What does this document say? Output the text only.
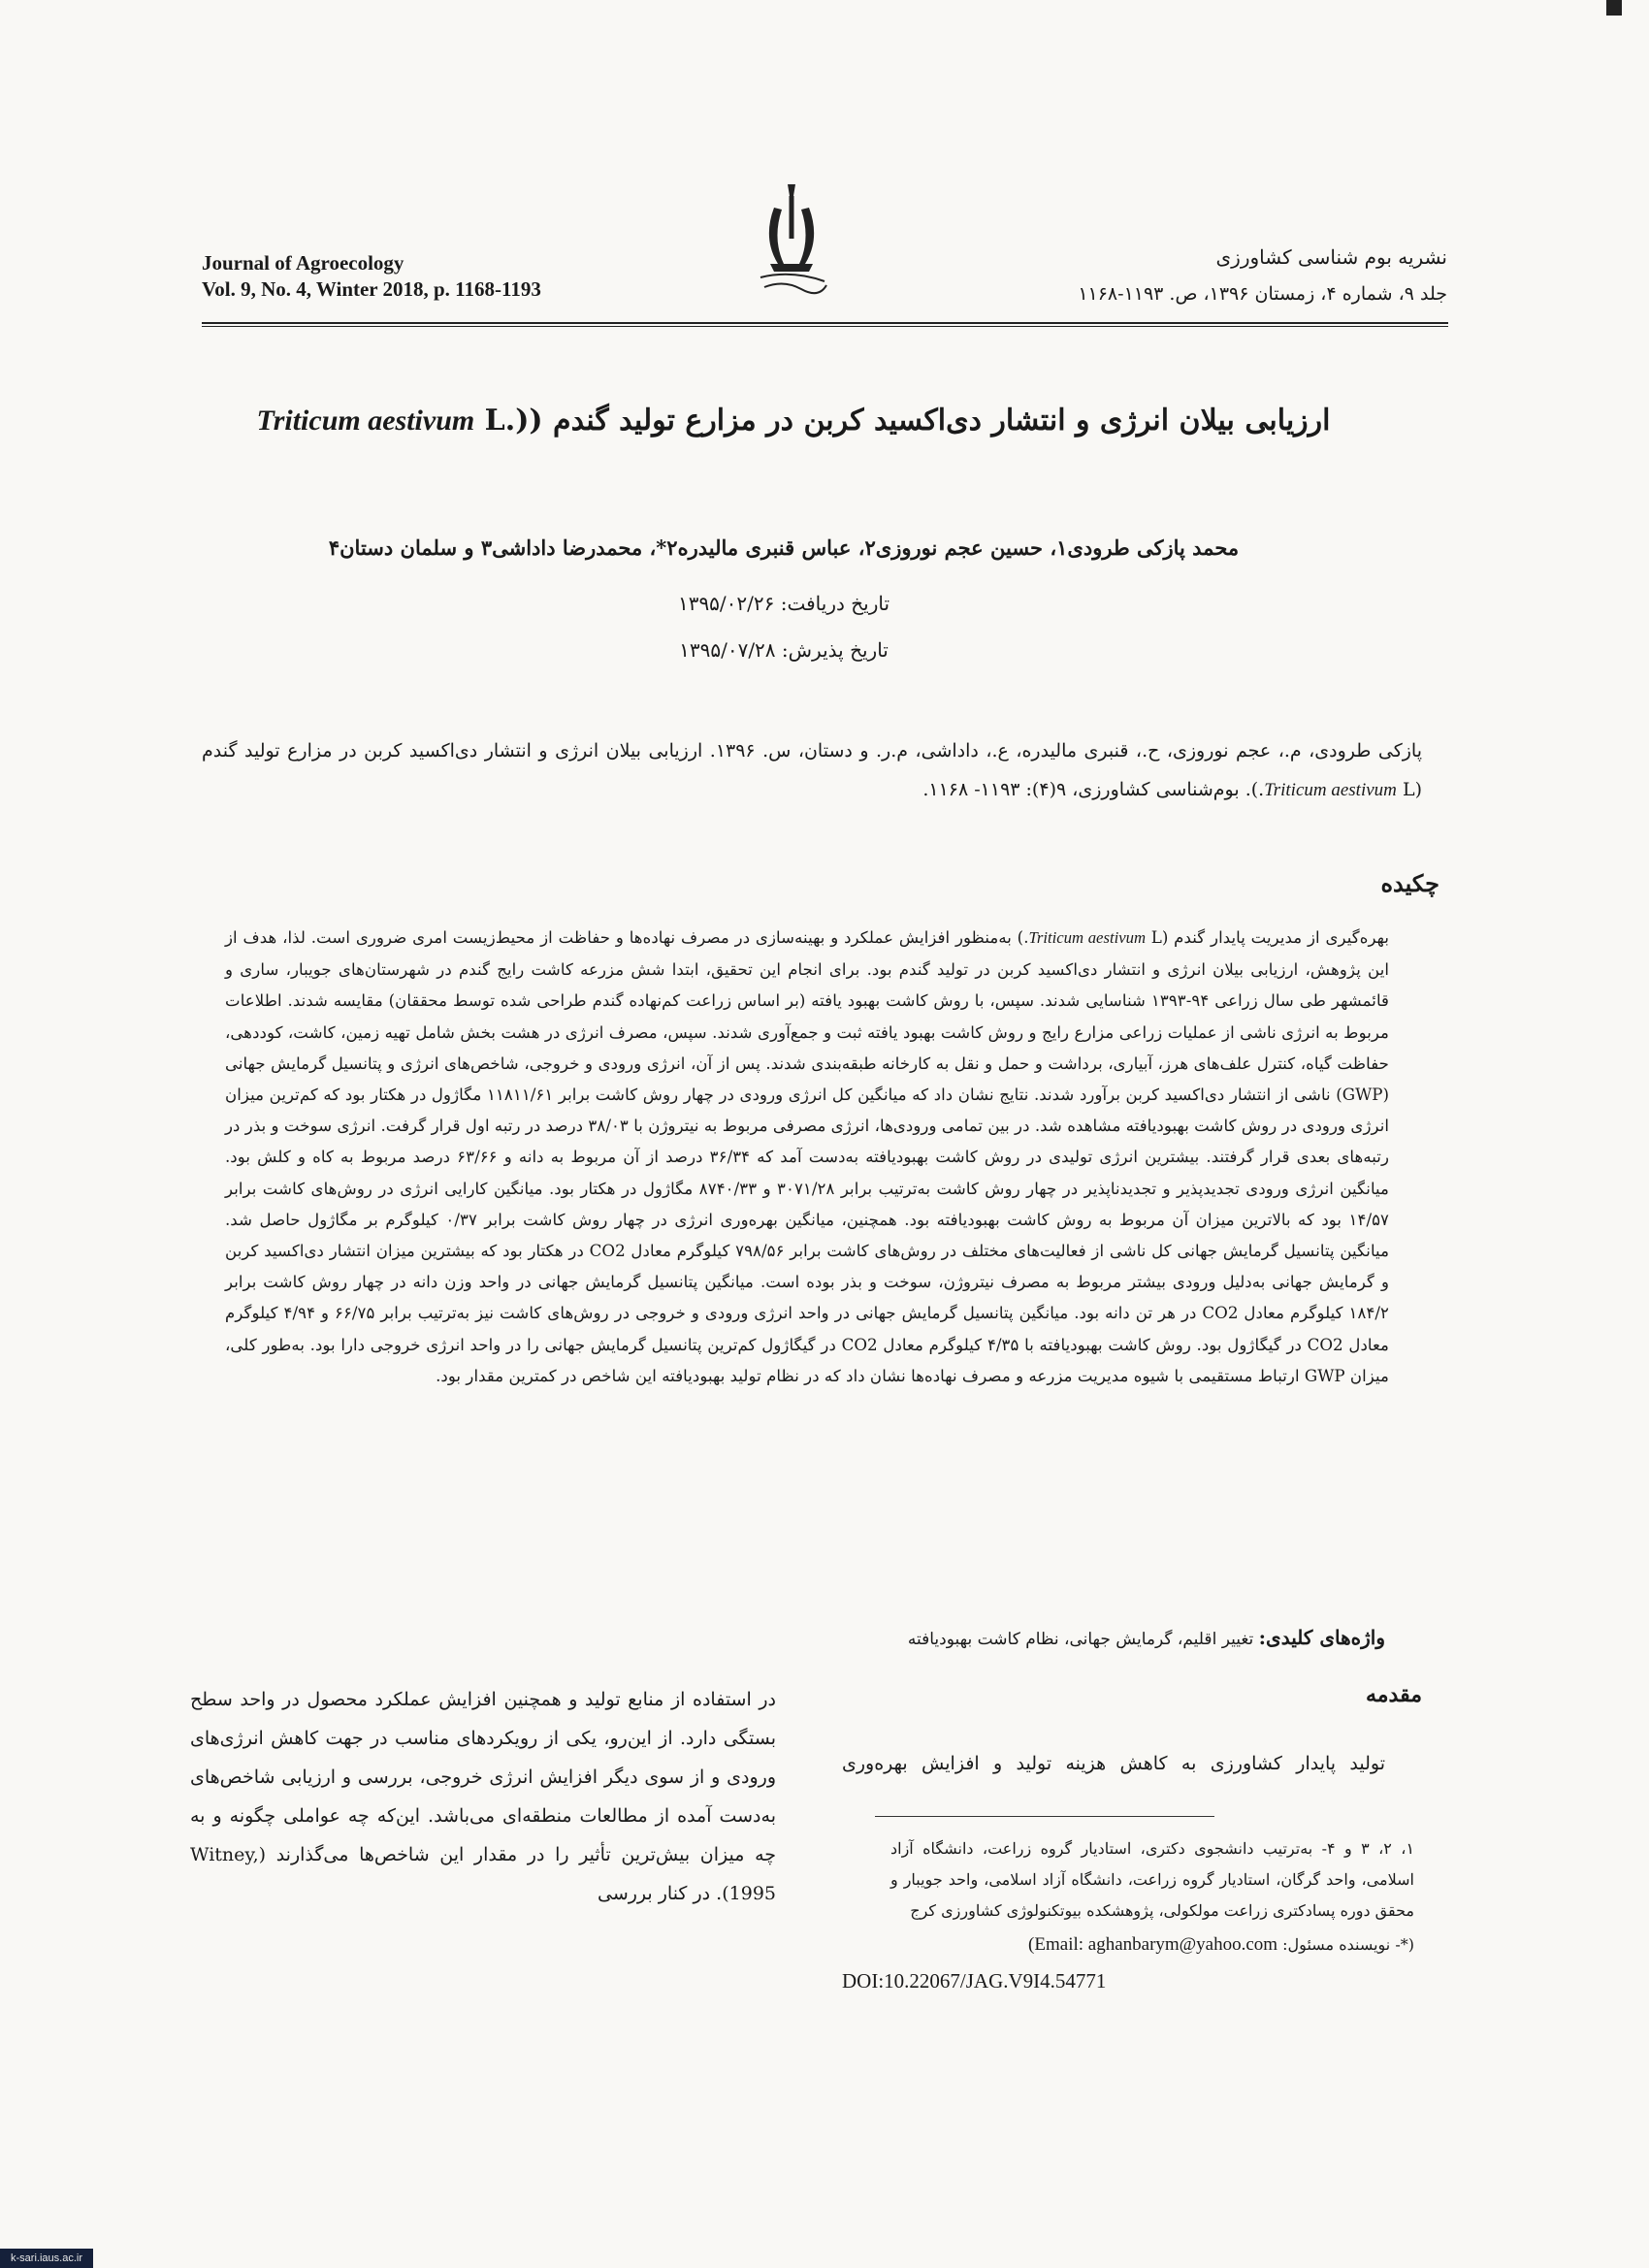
Journal of Agroecology
Vol. 9, No. 4, Winter 2018, p. 1168-1193
نشریه بوم شناسی کشاورزی
جلد ۹، شماره ۴، زمستان ۱۳۹۶، ص. ۱۱۹۳-۱۱۶۸
ارزیابی بیلان انرژی و انتشار دی‌اکسید کربن در مزارع تولید گندم (Triticum aestivum L.)
محمد پازکی طرودی۱، حسین عجم نوروزی۲، عباس قنبری مالیدره۲*، محمدرضا داداشی۳ و سلمان دستان۴
تاریخ دریافت: ۱۳۹۵/۰۲/۲۶
تاریخ پذیرش: ۱۳۹۵/۰۷/۲۸
پازکی طرودی، م.، عجم نوروزی، ح.، قنبری مالیدره، ع.، داداشی، م.ر. و دستان، س. ۱۳۹۶. ارزیابی بیلان انرژی و انتشار دی‌اکسید کربن در مزارع تولید گندم (Triticum aestivum L.). بوم‌شناسی کشاورزی، ۹(۴): ۱۱۹۳- ۱۱۶۸.
چکیده
بهره‌گیری از مدیریت پایدار گندم (Triticum aestivum L.) به‌منظور افزایش عملکرد و بهینه‌سازی در مصرف نهاده‌ها و حفاظت از محیط‌زیست امری ضروری است. لذا، هدف از این پژوهش، ارزیابی بیلان انرژی و انتشار دی‌اکسید کربن در تولید گندم بود. برای انجام این تحقیق، ابتدا شش مزرعه کاشت رایج گندم در شهرستان‌های جویبار، ساری و قائمشهر طی سال زراعی ۹۴-۱۳۹۳ شناسایی شدند. سپس، با روش کاشت بهبود یافته (بر اساس زراعت کم‌نهاده گندم طراحی شده توسط محققان) مقایسه شدند. اطلاعات مربوط به انرژی ناشی از عملیات زراعی مزارع رایج و روش کاشت بهبود یافته ثبت و جمع‌آوری شدند. سپس، مصرف انرژی در هشت بخش شامل تهیه زمین، کاشت، کوددهی، حفاظت گیاه، کنترل علف‌های هرز، آبیاری، برداشت و حمل و نقل به کارخانه طبقه‌بندی شدند. پس از آن، انرژی ورودی و خروجی، شاخص‌های انرژی و پتانسیل گرمایش جهانی (GWP) ناشی از انتشار دی‌اکسید کربن برآورد شدند. نتایج نشان داد که میانگین کل انرژی ورودی در چهار روش کاشت برابر ۱۱۸۱۱/۶۱ مگاژول در هکتار بود که کم‌ترین میزان انرژی ورودی در روش کاشت بهبودیافته مشاهده شد. در بین تمامی ورودی‌ها، انرژی مصرفی مربوط به نیتروژن با ۳۸/۰۳ درصد در رتبه اول قرار گرفت. انرژی سوخت و بذر در رتبه‌های بعدی قرار گرفتند. بیشترین انرژی تولیدی در روش کاشت بهبودیافته به‌دست آمد که ۳۶/۳۴ درصد از آن مربوط به دانه و ۶۳/۶۶ درصد مربوط به کاه و کلش بود. میانگین انرژی ورودی تجدیدپذیر و تجدیدناپذیر در چهار روش کاشت به‌ترتیب برابر ۳۰۷۱/۲۸ و ۸۷۴۰/۳۳ مگاژول در هکتار بود. میانگین کارایی انرژی در روش‌های کاشت برابر ۱۴/۵۷ بود که بالاترین میزان آن مربوط به روش کاشت بهبودیافته بود. همچنین، میانگین بهره‌وری انرژی در چهار روش کاشت برابر ۰/۳۷ کیلوگرم بر مگاژول حاصل شد. میانگین پتانسیل گرمایش جهانی کل ناشی از فعالیت‌های مختلف در روش‌های کاشت برابر ۷۹۸/۵۶ کیلوگرم معادل CO2 در هکتار بود که بیشترین میزان انتشار دی‌اکسید کربن و گرمایش جهانی به‌دلیل ورودی بیشتر مربوط به مصرف نیتروژن، سوخت و بذر بوده است. میانگین پتانسیل گرمایش جهانی در واحد وزن دانه در چهار روش کاشت برابر ۱۸۴/۲ کیلوگرم معادل CO2 در هر تن دانه بود. میانگین پتانسیل گرمایش جهانی در واحد انرژی ورودی و خروجی در روش‌های کاشت نیز به‌ترتیب برابر ۶۶/۷۵ و ۴/۹۴ کیلوگرم معادل CO2 در گیگاژول بود. روش کاشت بهبودیافته با ۴/۳۵ کیلوگرم معادل CO2 در گیگاژول کم‌ترین پتانسیل گرمایش جهانی را در واحد انرژی خروجی دارا بود. به‌طور کلی، میزان GWP ارتباط مستقیمی با شیوه مدیریت مزرعه و مصرف نهاده‌ها نشان داد که در نظام تولید بهبودیافته این شاخص در کمترین مقدار بود.
واژه‌های کلیدی: تغییر اقلیم، گرمایش جهانی، نظام کاشت بهبودیافته
مقدمه
تولید پایدار کشاورزی به کاهش هزینه تولید و افزایش بهره‌وری
در استفاده از منابع تولید و همچنین افزایش عملکرد محصول در واحد سطح بستگی دارد. از این‌رو، یکی از رویکردهای مناسب در جهت کاهش انرژی‌های ورودی و از سوی دیگر افزایش انرژی خروجی، بررسی و ارزیابی شاخص‌های به‌دست آمده از مطالعات منطقه‌ای می‌باشد. این‌که چه عواملی چگونه و به چه میزان بیش‌ترین تأثیر را در مقدار این شاخص‌ها می‌گذارند (Witney, 1995). در کنار بررسی
۱، ۲، ۳ و ۴- به‌ترتیب دانشجوی دکتری، استادیار گروه زراعت، دانشگاه آزاد اسلامی، واحد گرگان، استادیار گروه زراعت، دانشگاه آزاد اسلامی، واحد جویبار و محقق دوره پسادکتری زراعت مولکولی، پژوهشکده بیوتکنولوژی کشاورزی کرج
(*- نویسنده مسئول: Email: aghanbarym@yahoo.com)
DOI:10.22067/JAG.V9I4.54771
k-sari.iaus.ac.ir
